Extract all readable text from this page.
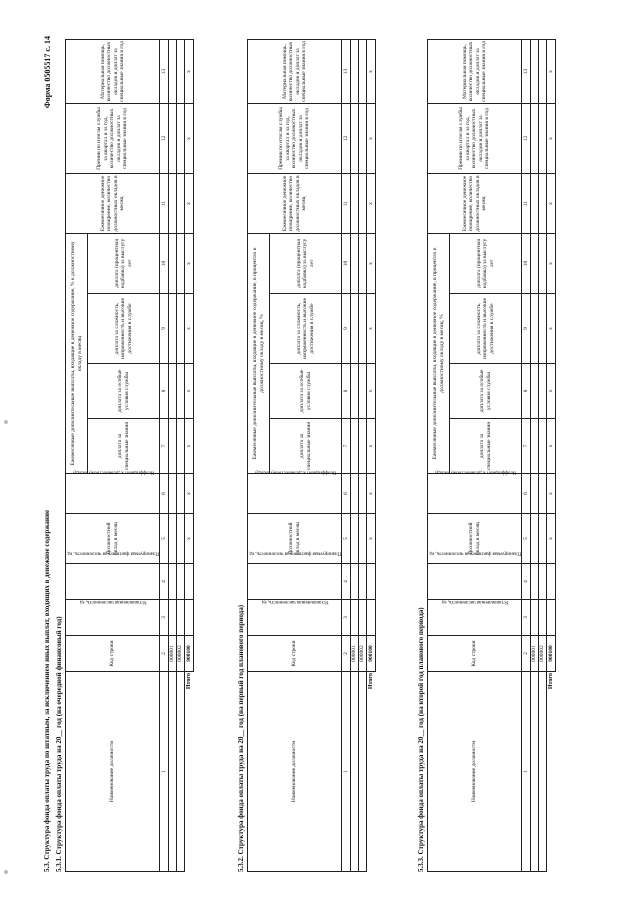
Форма 0505517 с. 14
5.3. Структура фонда оплаты труда по штатным, за исключением иных выплат, входящих в денежное содержание 5.3.1. Структура фонда оплаты труда на 20__ год (на очередной финансовый год)	Наименование должности	Код строки	Установленная численность, ед	Планируемая фактическая численность, ед	Должностной оклад в месяц	Коэффициент к должностному окладу	Ежемесячные дополнительные выплаты, входящие в денежное содержание, % к должностному окладу в месяц				Ежемесячное денежное поощрение, количество должностных окладов в месяц	Премии по итогам службы за квартал и за год, количество должностных окладов и доплат за специальные знания в год	Материальная помощь, количество должностных окладов и доплат за специальные знания в год
						доплата за специальные знания	доплата за особые условия службы	доплата за сложность, напряженность и высокие достижения в службе	доплата (процентная надбавка) за выслугу лет			
1	2	3	4	5	6	7	8	9	10	11	12	13
	000001											
	000002											
Итого	900100			x	x	x	x	x	x	x	x	x
5.3.2. Структура фонда оплаты труда на 20__ год (на первый год планового периода)	Наименование должности	Код строки	Установленная численность, ед	Планируемая фактическая численность, ед	Должностной оклад в месяц	Коэффициент к должностному окладу	Ежемесячные дополнительные выплаты, входящие в денежное содержание, в процентах к должностному окладу в месяц, %				Ежемесячное денежное поощрение, количество должностных окладов в месяц	Премии по итогам службы за квартал и за год, количество должностных окладов и доплат за специальные знания в год	Материальная помощь, количество должностных окладов и доплат за специальные знания в год
						доплата за специальные знания	доплата за особые условия службы	доплата за сложность, напряженность и высокие достижения в службе	доплата (процентная надбавка) за выслугу лет			
1	2	3	4	5	6	7	8	9	10	11	12	13
	000001											
	000002											
Итого	900100			x	x	x	x	x	x	x	x	x
5.3.3. Структура фонда оплаты труда на 20__ год (на второй год планового периода)	Наименование должности	Код строки	Установленная численность, ед	Планируемая фактическая численность, ед	Должностной оклад в месяц	Коэффициент к должностному окладу	Ежемесячные дополнительные выплаты, входящие в денежное содержание, в процентах к должностному окладу в месяц, %				Ежемесячное денежное поощрение, количество должностных окладов в месяц	Премии по итогам службы за квартал и за год, количество должностных окладов и доплат за специальные знания в год	Материальная помощь, количество должностных окладов и доплат за специальные знания в год
						доплата за специальные знания	доплата за особые условия службы	доплата за сложность, напряженность и высокие достижения в службе	доплата (процентная надбавка) за выслугу лет			
1	2	3	4	5	6	7	8	9	10	11	12	13
	000001											
	000002											
Итого	900100			x	x	x	x	x	x	x	x	x
